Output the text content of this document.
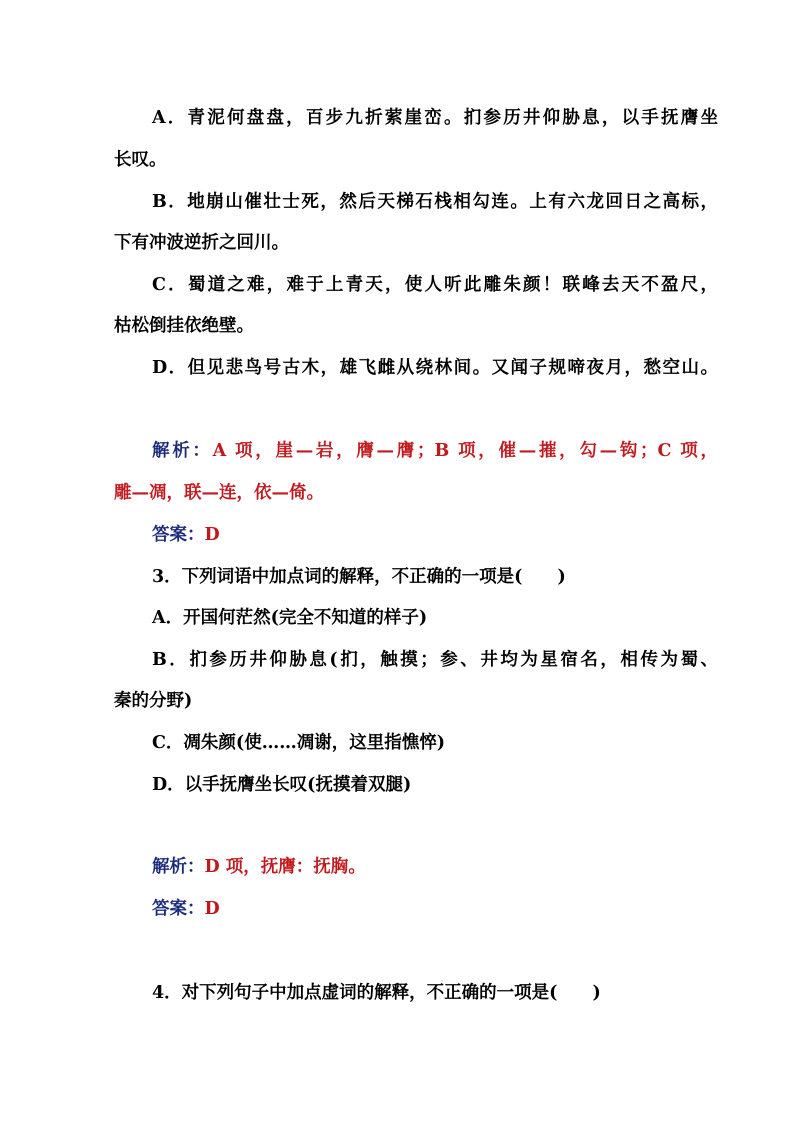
A．青泥何盘盘，百步九折萦崖峦。扪参历井仰胁息，以手抚膺坐
长叹。
B．地崩山催壮士死，然后天梯石栈相勾连。上有六龙回日之高标，
下有冲波逆折之回川。
C．蜀道之难，难于上青天，使人听此雕朱颜！联峰去天不盈尺，
枯松倒挂依绝壁。
D．但见悲鸟号古木，雄飞雌从绕林间。又闻子规啼夜月，愁空山。
解析：A 项，崖—岩，膺—膺；B 项，催—摧，勾—钩；C 项，
雕—凋，联—连，依—倚。
答案：D
3．下列词语中加点词的解释，不正确的一项是(　　)
A．开国何茫然(完全不知道的样子)
B．扪参历井仰胁息(扪，触摸；参、井均为星宿名，相传为蜀、
秦的分野)
C．凋朱颜(使……凋谢，这里指憔悴)
D．以手抚膺坐长叹(抚摸着双腿)
解析：D 项，抚膺：抚胸。
答案：D
4．对下列句子中加点虚词的解释，不正确的一项是(　　)
